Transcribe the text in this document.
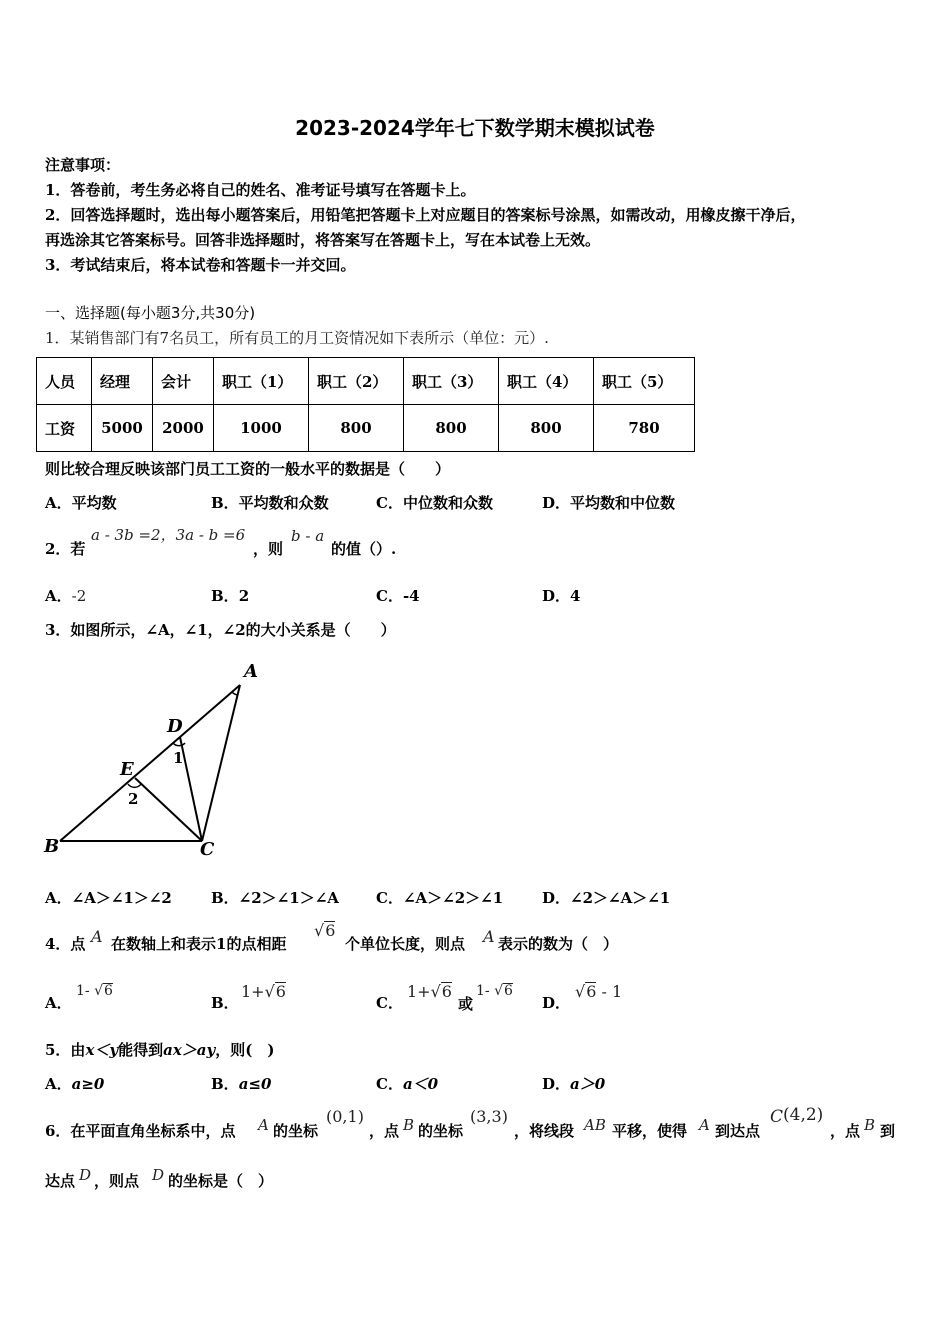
2023-2024学年七下数学期末模拟试卷
注意事项：
1．答卷前，考生务必将自己的姓名、准考证号填写在答题卡上。
2．回答选择题时，选出每小题答案后，用铅笔把答题卡上对应题目的答案标号涂黑，如需改动，用橡皮擦干净后，
再选涂其它答案标号。回答非选择题时，将答案写在答题卡上，写在本试卷上无效。
3．考试结束后，将本试卷和答题卡一并交回。
一、选择题(每小题3分,共30分)
1．某销售部门有7名员工，所有员工的月工资情况如下表所示（单位：元）.
人员	经理	会计	职工（1）	职工（2）	职工（3）	职工（4）	职工（5）
工资	5000	2000	1000	800	800	800	780
则比较合理反映该部门员工工资的一般水平的数据是（　　）
A．平均数	B．平均数和众数	C．中位数和众数	D．平均数和中位数
2．若
a - 3b =2，3a - b =6
，则
b - a
的值（）.
A．-2	B．2	C．-4	D．4
3．如图所示，∠A，∠1，∠2的大小关系是（　　）
A
B	C
D
E
1
2
A．∠A＞∠1＞∠2	B．∠2＞∠1＞∠A C．∠A＞∠2＞∠1	D．∠2＞∠A＞∠1
4．点 A 在数轴上和表示1的点相距
√6
个单位长度，则点 A 表示的数为（　）
A．
1- √6
B．
1+√6
C．
1+√6
或
1- √6
D．
√6 - 1
5．由x＜y能得到ax＞ay，则(　)
A．a≥0	B．a≤0	C．a＜0	D．a＞0
6．在平面直角坐标系中，点 A 的坐标
(0,1)
，点 B 的坐标
(3,3)
，将线段 AB 平移，使得 A 到达点
C (4,2)
，点 B 到
达点 D ，则点 D 的坐标是（　）
